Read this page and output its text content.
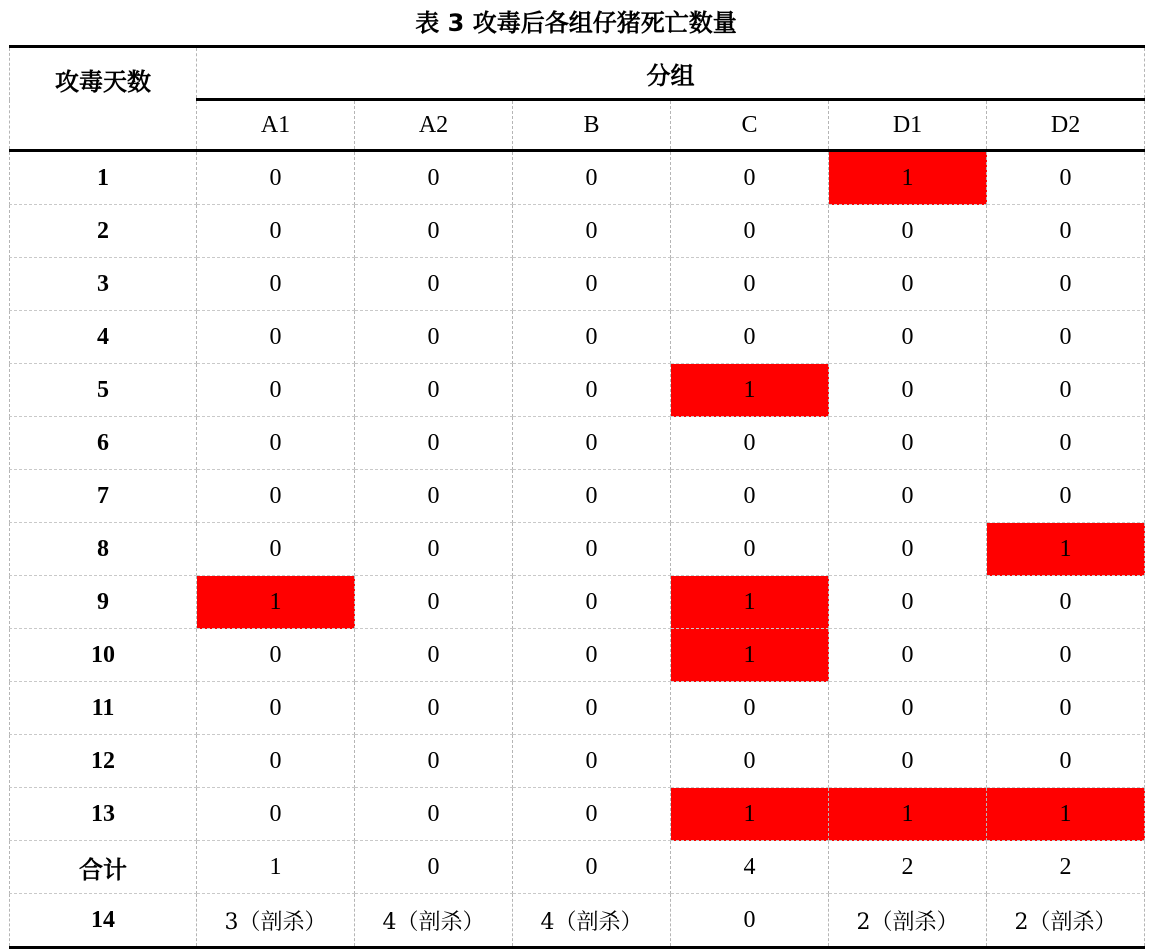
表 3 攻毒后各组仔猪死亡数量
攻毒天数	分组					
	A1	A2	B	C	D1	D2
1	0	0	0	0	1	0
2	0	0	0	0	0	0
3	0	0	0	0	0	0
4	0	0	0	0	0	0
5	0	0	0	1	0	0
6	0	0	0	0	0	0
7	0	0	0	0	0	0
8	0	0	0	0	0	1
9	1	0	0	1	0	0
10	0	0	0	1	0	0
11	0	0	0	0	0	0
12	0	0	0	0	0	0
13	0	0	0	1	1	1
合计	1	0	0	4	2	2
14	3（剖杀）	4（剖杀）	4（剖杀）	0	2（剖杀）	2（剖杀）
